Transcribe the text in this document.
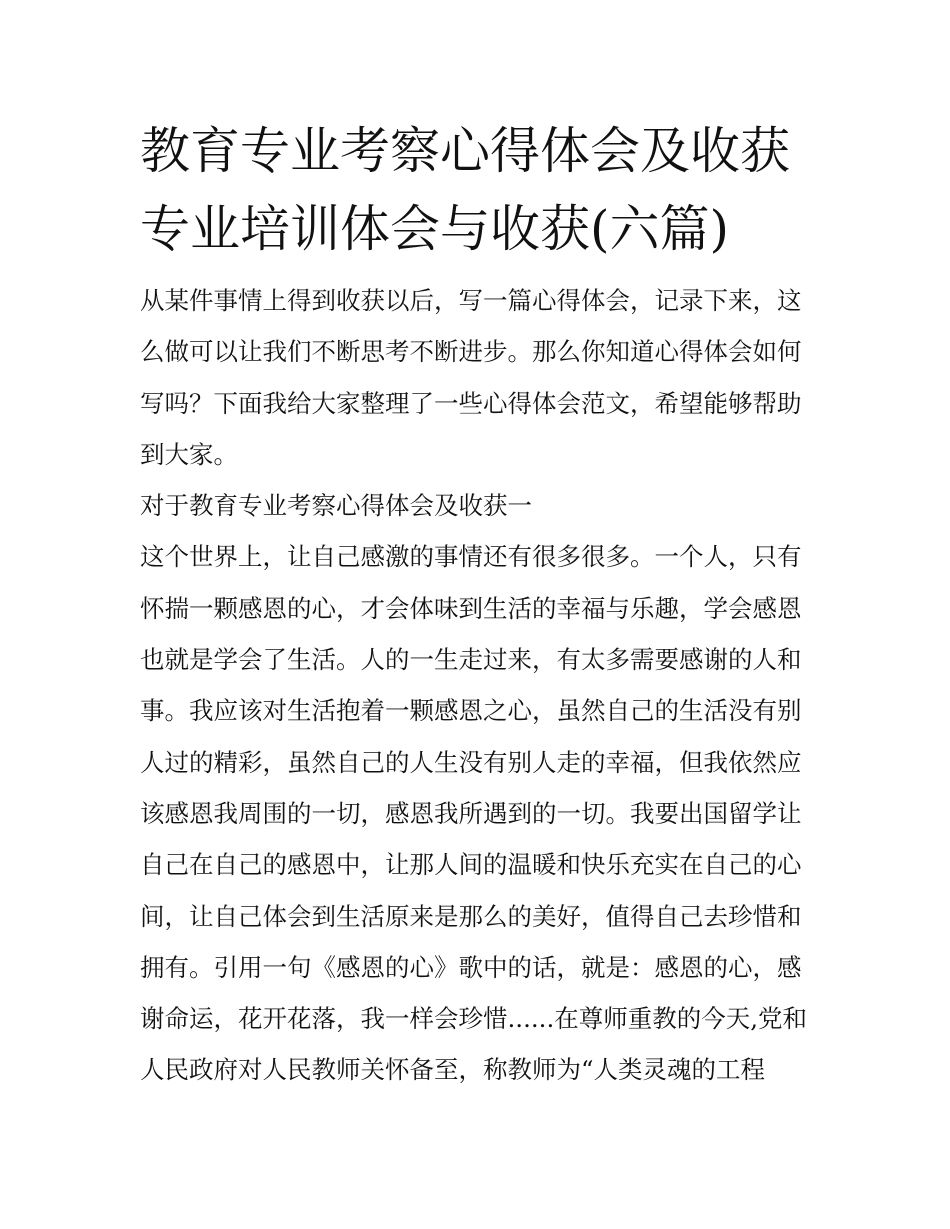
教育专业考察心得体会及收获
专业培训体会与收获(六篇)
从某件事情上得到收获以后，写一篇心得体会，记录下来，这
么做可以让我们不断思考不断进步。那么你知道心得体会如何
写吗？下面我给大家整理了一些心得体会范文，希望能够帮助
到大家。
对于教育专业考察心得体会及收获一
这个世界上，让自己感激的事情还有很多很多。一个人，只有
怀揣一颗感恩的心，才会体味到生活的幸福与乐趣，学会感恩
也就是学会了生活。人的一生走过来，有太多需要感谢的人和
事。我应该对生活抱着一颗感恩之心，虽然自己的生活没有别
人过的精彩，虽然自己的人生没有别人走的幸福，但我依然应
该感恩我周围的一切，感恩我所遇到的一切。我要出国留学让
自己在自己的感恩中，让那人间的温暖和快乐充实在自己的心
间，让自己体会到生活原来是那么的美好，值得自己去珍惜和
拥有。引用一句《感恩的心》歌中的话，就是：感恩的心，感
谢命运，花开花落，我一样会珍惜......在尊师重教的今天,党和
人民政府对人民教师关怀备至，称教师为“人类灵魂的工程
